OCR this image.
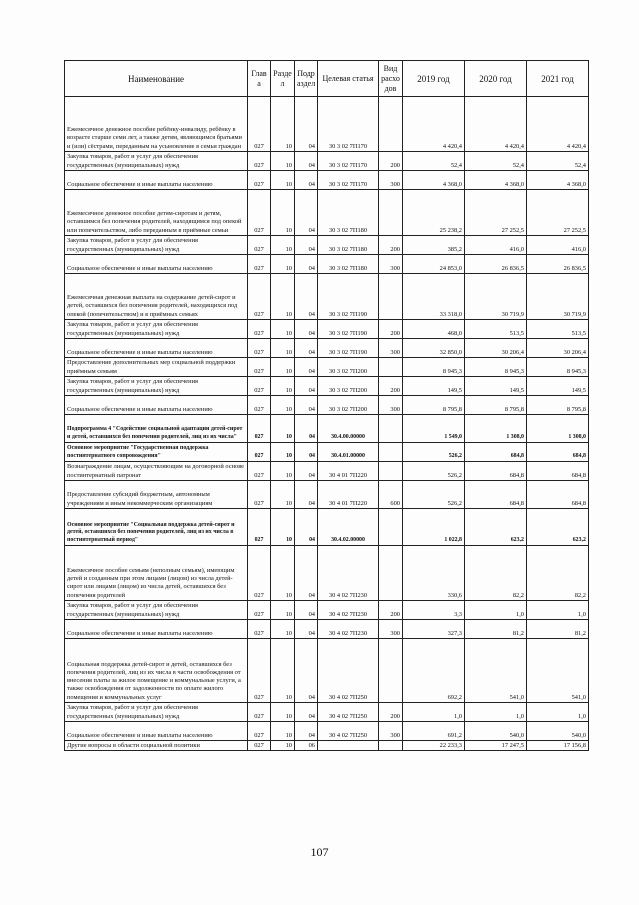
Наименование	Глав а	Разде л	Подр аздел	Целевая статья	Вид расхо дов	2019 год	2020 год	2021 год
Ежемесячное денежное пособие ребёнку-инвалиду, ребёнку в возрасте старше семи лет, а также детям, являющимся братьями и (или) сёстрами, переданным на усыновление в семьи граждан	027	10	04	30 3 02 7П170		4 420,4	4 420,4	4 420,4
Закупка товаров, работ и услуг для обеспечения государственных (муниципальных) нужд	027	10	04	30 3 02 7П170	200	52,4	52,4	52,4
Социальное обеспечение и иные выплаты населению	027	10	04	30 3 02 7П170	300	4 368,0	4 368,0	4 368,0
Ежемесячное денежное пособие детям-сиротам и детям, оставшимся без попечения родителей, находящимся под опекой или попечительством, либо переданным в приёмные семьи	027	10	04	30 3 02 7П180		25 238,2	27 252,5	27 252,5
Закупка товаров, работ и услуг для обеспечения государственных (муниципальных) нужд	027	10	04	30 3 02 7П180	200	385,2	416,0	416,0
Социальное обеспечение и иные выплаты населению	027	10	04	30 3 02 7П180	300	24 853,0	26 836,5	26 836,5
Ежемесячная денежная выплата на содержание детей-сирот и детей, оставшихся без попечения родителей, находящихся под опекой (попечительством) и в приёмных семьях	027	10	04	30 3 02 7П190		33 318,0	30 719,9	30 719,9
Закупка товаров, работ и услуг для обеспечения государственных (муниципальных) нужд	027	10	04	30 3 02 7П190	200	468,0	513,5	513,5
Социальное обеспечение и иные выплаты населению	027	10	04	30 3 02 7П190	300	32 850,0	30 206,4	30 206,4
Предоставление дополнительных мер социальной поддержки приёмным семьям	027	10	04	30 3 02 7П200		8 945,3	8 945,3	8 945,3
Закупка товаров, работ и услуг для обеспечения государственных (муниципальных) нужд	027	10	04	30 3 02 7П200	200	149,5	149,5	149,5
Социальное обеспечение и иные выплаты населению	027	10	04	30 3 02 7П200	300	8 795,8	8 795,8	8 795,8
Подпрограмма 4 "Содействие социальной адаптации детей-сирот и детей, оставшихся без попечения родителей, лиц из их числа"	027	10	04	30.4.00.00000		1 549,0	1 308,0	1 308,0
Основное мероприятие "Государственная поддержка постинтернатного сопровождения"	027	10	04	30.4.01.00000		526,2	684,8	684,8
Вознаграждение лицам, осуществляющим на договорной основе постинтернатный патронат	027	10	04	30 4 01 7П220		526,2	684,8	684,8
Предоставление субсидий бюджетным, автономным учреждениям и иным некоммерческим организациям	027	10	04	30 4 01 7П220	600	526,2	684,8	684,8
Основное мероприятие "Социальная поддержка детей-сирот и детей, оставшихся без попечения родителей, лиц из их числа в постинтернатный период"	027	10	04	30.4.02.00000		1 022,8	623,2	623,2
Ежемесячное пособие семьям (неполным семьям), имеющим детей и созданным при этом лицами (лицом) из числа детей-сирот или лицами (лицом) из числа детей, оставшихся без попечения родителей	027	10	04	30 4 02 7П230		330,6	82,2	82,2
Закупка товаров, работ и услуг для обеспечения государственных (муниципальных) нужд	027	10	04	30 4 02 7П230	200	3,3	1,0	1,0
Социальное обеспечение и иные выплаты населению	027	10	04	30 4 02 7П230	300	327,3	81,2	81,2
Социальная поддержка детей-сирот и детей, оставшихся без попечения родителей, лиц из их числа в части освобождения от внесения платы за жилое помещение и коммунальные услуги, а также освобождения от задолженности по оплате жилого помещения и коммунальных услуг	027	10	04	30 4 02 7П250		692,2	541,0	541,0
Закупка товаров, работ и услуг для обеспечения государственных (муниципальных) нужд	027	10	04	30 4 02 7П250	200	1,0	1,0	1,0
Социальное обеспечение и иные выплаты населению	027	10	04	30 4 02 7П250	300	691,2	540,0	540,0
Другие вопросы в области социальной политики	027	10	06			22 233,3	17 247,5	17 156,8
107
